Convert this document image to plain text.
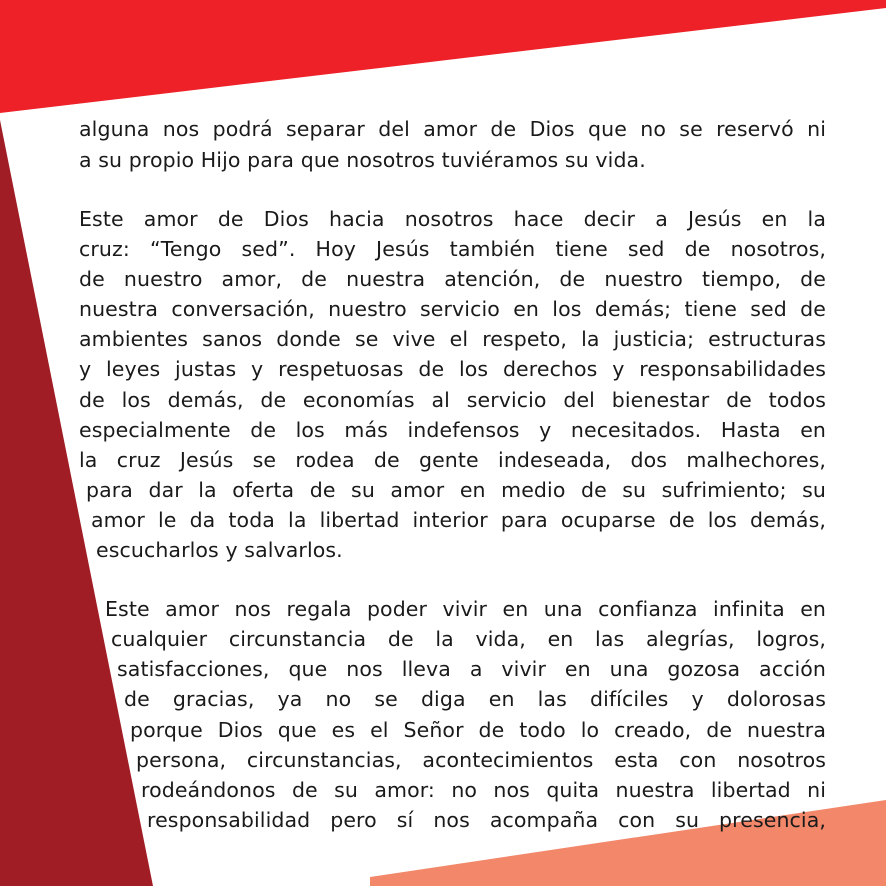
alguna nos podrá separar del amor de Dios que no se reservó ni
a su propio Hijo para que nosotros tuviéramos su vida.
Este amor de Dios hacia nosotros hace decir a Jesús en la
cruz: “Tengo sed”. Hoy Jesús también tiene sed de nosotros,
de nuestro amor, de nuestra atención, de nuestro tiempo, de
nuestra conversación, nuestro servicio en los demás; tiene sed de
ambientes sanos donde se vive el respeto, la justicia; estructuras
y leyes justas y respetuosas de los derechos y responsabilidades
de los demás, de economías al servicio del bienestar de todos
especialmente de los más indefensos y necesitados. Hasta en
la cruz Jesús se rodea de gente indeseada, dos malhechores,
para dar la oferta de su amor en medio de su sufrimiento; su
amor le da toda la libertad interior para ocuparse de los demás,
escucharlos y salvarlos.
Este amor nos regala poder vivir en una confianza infinita en
cualquier circunstancia de la vida, en las alegrías, logros,
satisfacciones, que nos lleva a vivir en una gozosa acción
de gracias, ya no se diga en las difíciles y dolorosas
porque Dios que es el Señor de todo lo creado, de nuestra
persona, circunstancias, acontecimientos esta con nosotros
rodeándonos de su amor: no nos quita nuestra libertad ni
responsabilidad pero sí nos acompaña con su presencia,
